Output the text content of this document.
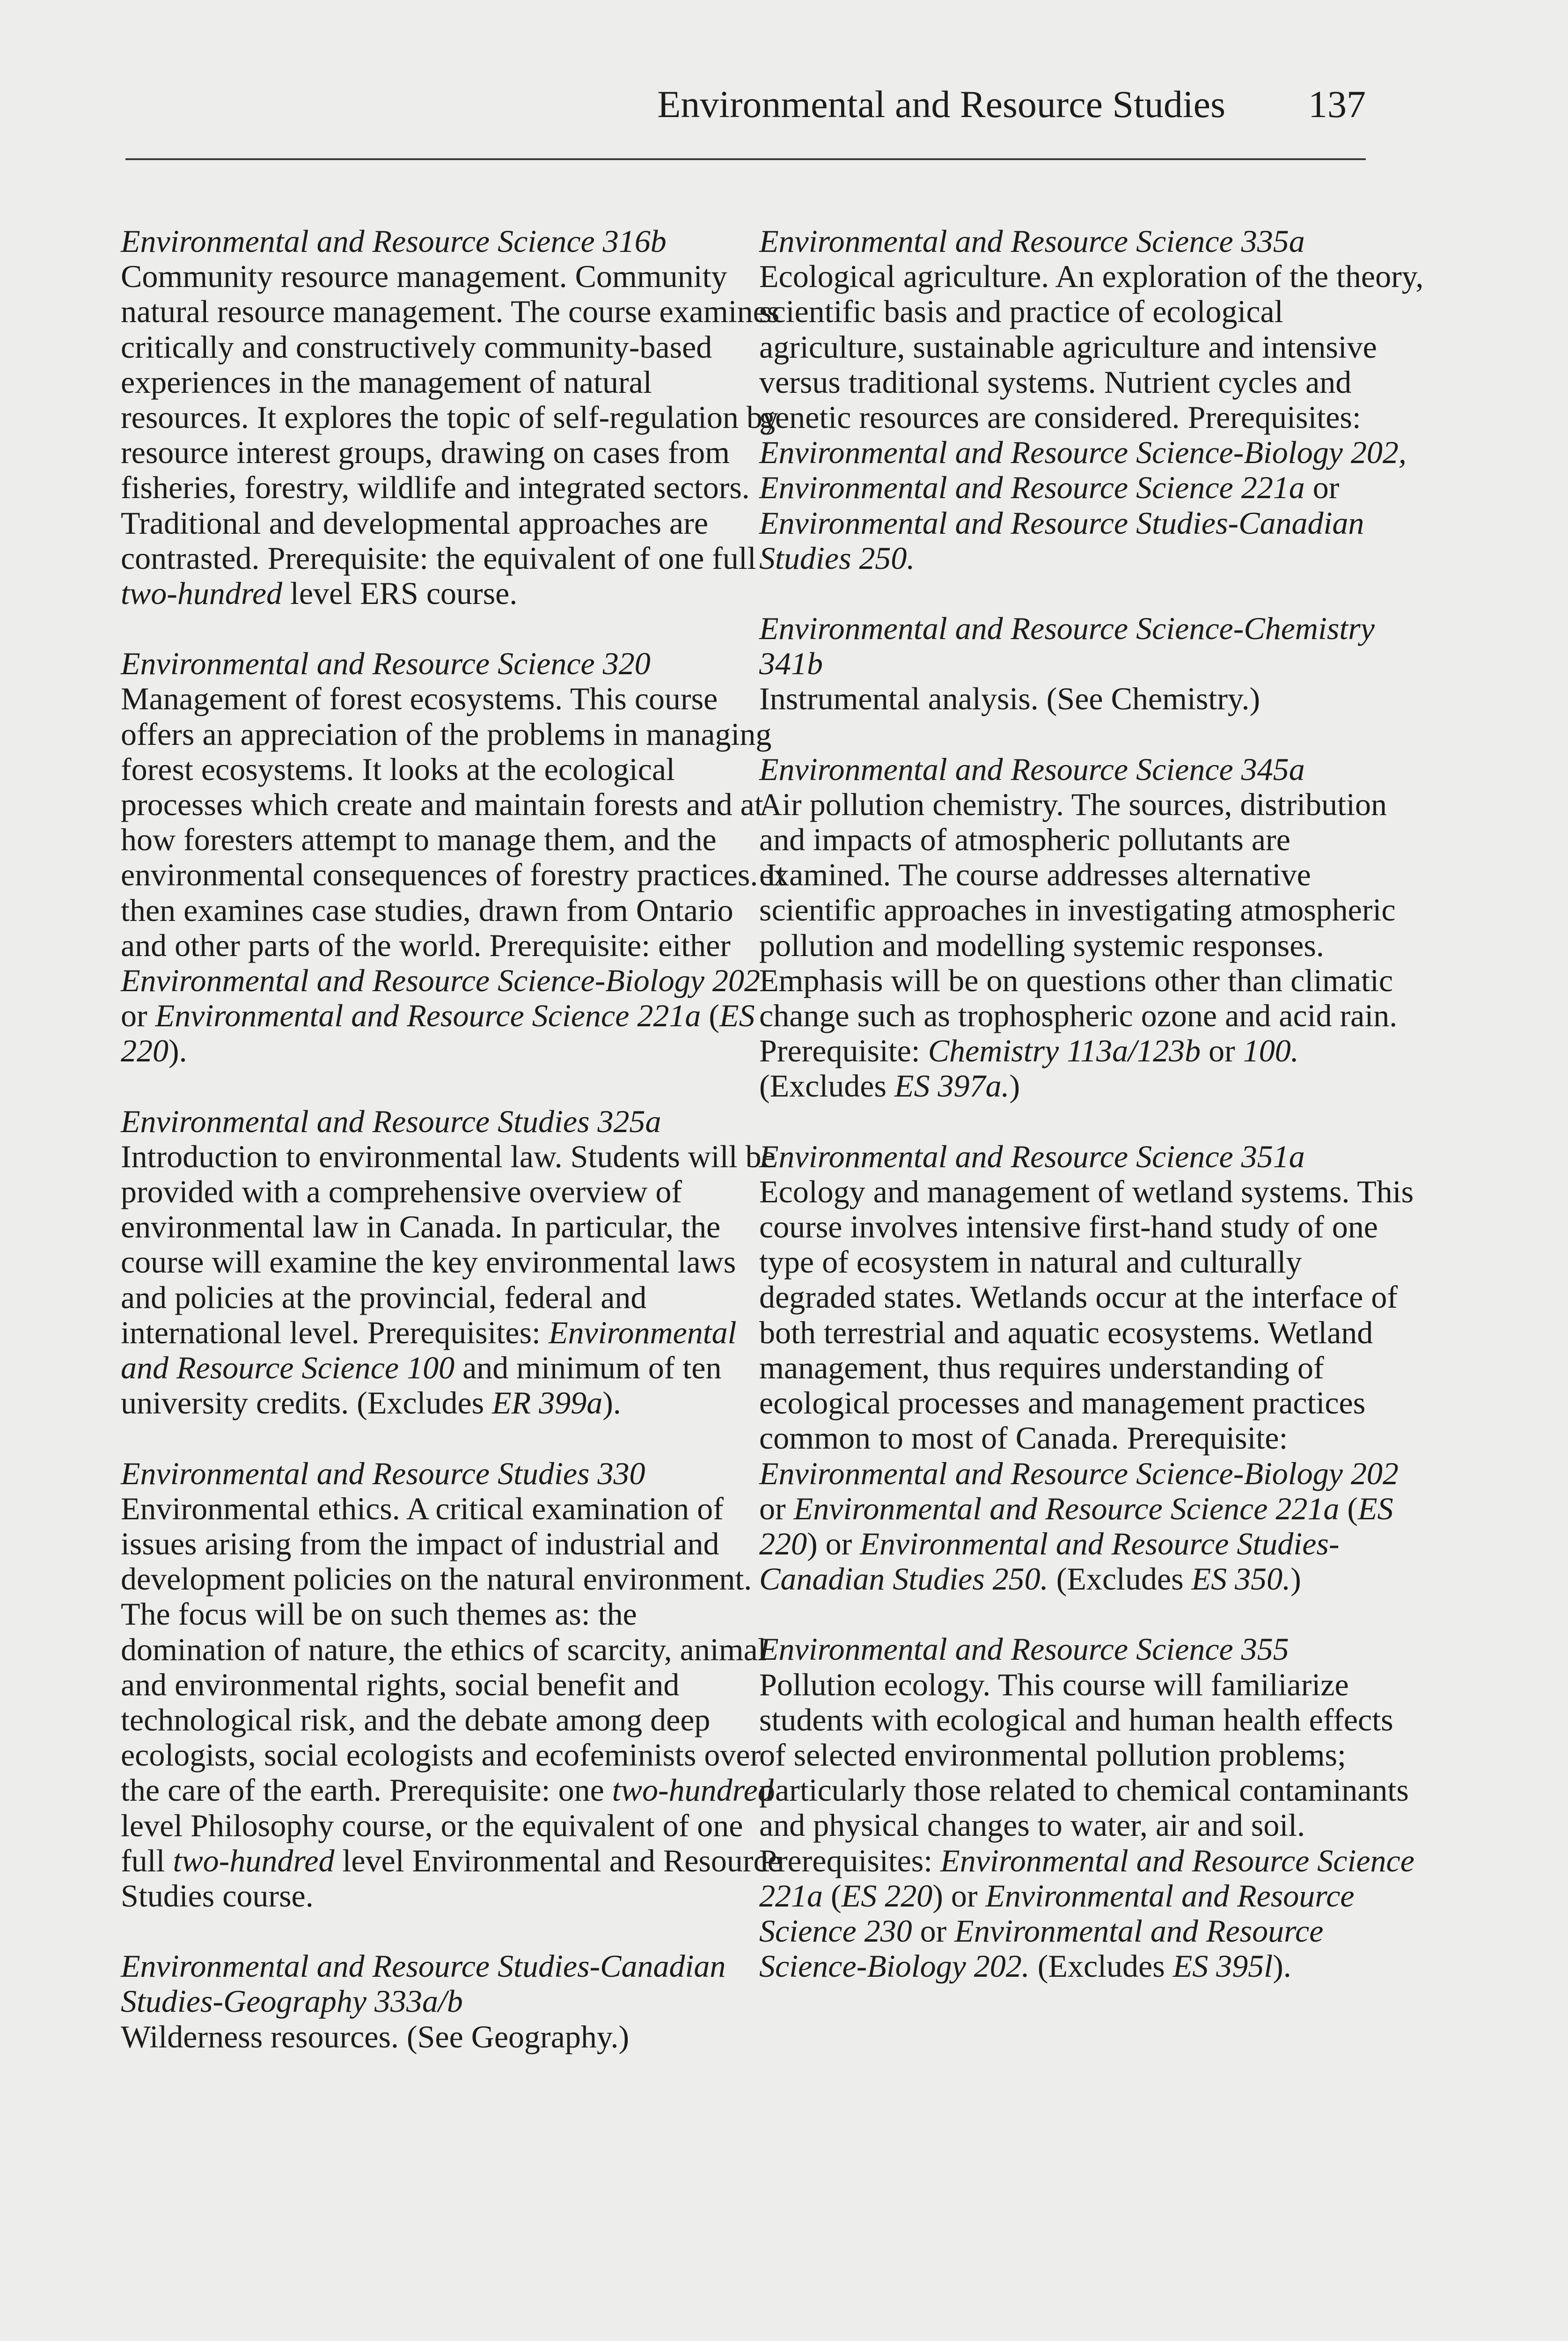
Environmental and Resource Studies 137

Environmental and Resource Science 316b

Community resource management. Community natural resource management. The course examines critically and constructively community-based experiences in the management of natural resources. It explores the topic of self-regulation by resource interest groups, drawing on cases from fisheries, forestry, wildlife and integrated sectors. Traditional and developmental approaches are contrasted. Prerequisite: the equivalent of one full two-hundred level ERS course.

Environmental and Resource Science 320

Management of forest ecosystems. This course offers an appreciation of the problems in managing forest ecosystems. It looks at the ecological processes which create and maintain forests and at how foresters attempt to manage them, and the environmental consequences of forestry practices. It then examines case studies, drawn from Ontario and other parts of the world. Prerequisite: either Environmental and Resource Science-Biology 202 or Environmental and Resource Science 221a (ES 220).

Environmental and Resource Studies 325a

Introduction to environmental law. Students will be provided with a comprehensive overview of environmental law in Canada. In particular, the course will examine the key environmental laws and policies at the provincial, federal and international level. Prerequisites: Environmental and Resource Science 100 and minimum of ten university credits. (Excludes ER 399a).

Environmental and Resource Studies 330

Environmental ethics. A critical examination of issues arising from the impact of industrial and development policies on the natural environment. The focus will be on such themes as: the domination of nature, the ethics of scarcity, animal and environmental rights, social benefit and technological risk, and the debate among deep ecologists, social ecologists and ecofeminists over the care of the earth. Prerequisite: one two-hundred level Philosophy course, or the equivalent of one full two-hundred level Environmental and Resource Studies course.

Environmental and Resource Studies-Canadian Studies-Geography 333a/b

Wilderness resources. (See Geography.)

Environmental and Resource Science 335a

Ecological agriculture. An exploration of the theory, scientific basis and practice of ecological agriculture, sustainable agriculture and intensive versus traditional systems. Nutrient cycles and genetic resources are considered. Prerequisites: Environmental and Resource Science-Biology 202, Environmental and Resource Science 221a or Environmental and Resource Studies-Canadian Studies 250.

Environmental and Resource Science-Chemistry 341b

Instrumental analysis. (See Chemistry.)

Environmental and Resource Science 345a

Air pollution chemistry. The sources, distribution and impacts of atmospheric pollutants are examined. The course addresses alternative scientific approaches in investigating atmospheric pollution and modelling systemic responses. Emphasis will be on questions other than climatic change such as trophospheric ozone and acid rain. Prerequisite: Chemistry 113a/123b or 100. (Excludes ES 397a.)

Environmental and Resource Science 351a

Ecology and management of wetland systems. This course involves intensive first-hand study of one type of ecosystem in natural and culturally degraded states. Wetlands occur at the interface of both terrestrial and aquatic ecosystems. Wetland management, thus requires understanding of ecological processes and management practices common to most of Canada. Prerequisite: Environmental and Resource Science-Biology 202 or Environmental and Resource Science 221a (ES 220) or Environmental and Resource Studies-Canadian Studies 250. (Excludes ES 350.)

Environmental and Resource Science 355

Pollution ecology. This course will familiarize students with ecological and human health effects of selected environmental pollution problems; particularly those related to chemical contaminants and physical changes to water, air and soil. Prerequisites: Environmental and Resource Science 221a (ES 220) or Environmental and Resource Science 230 or Environmental and Resource Science-Biology 202. (Excludes ES 395l).
